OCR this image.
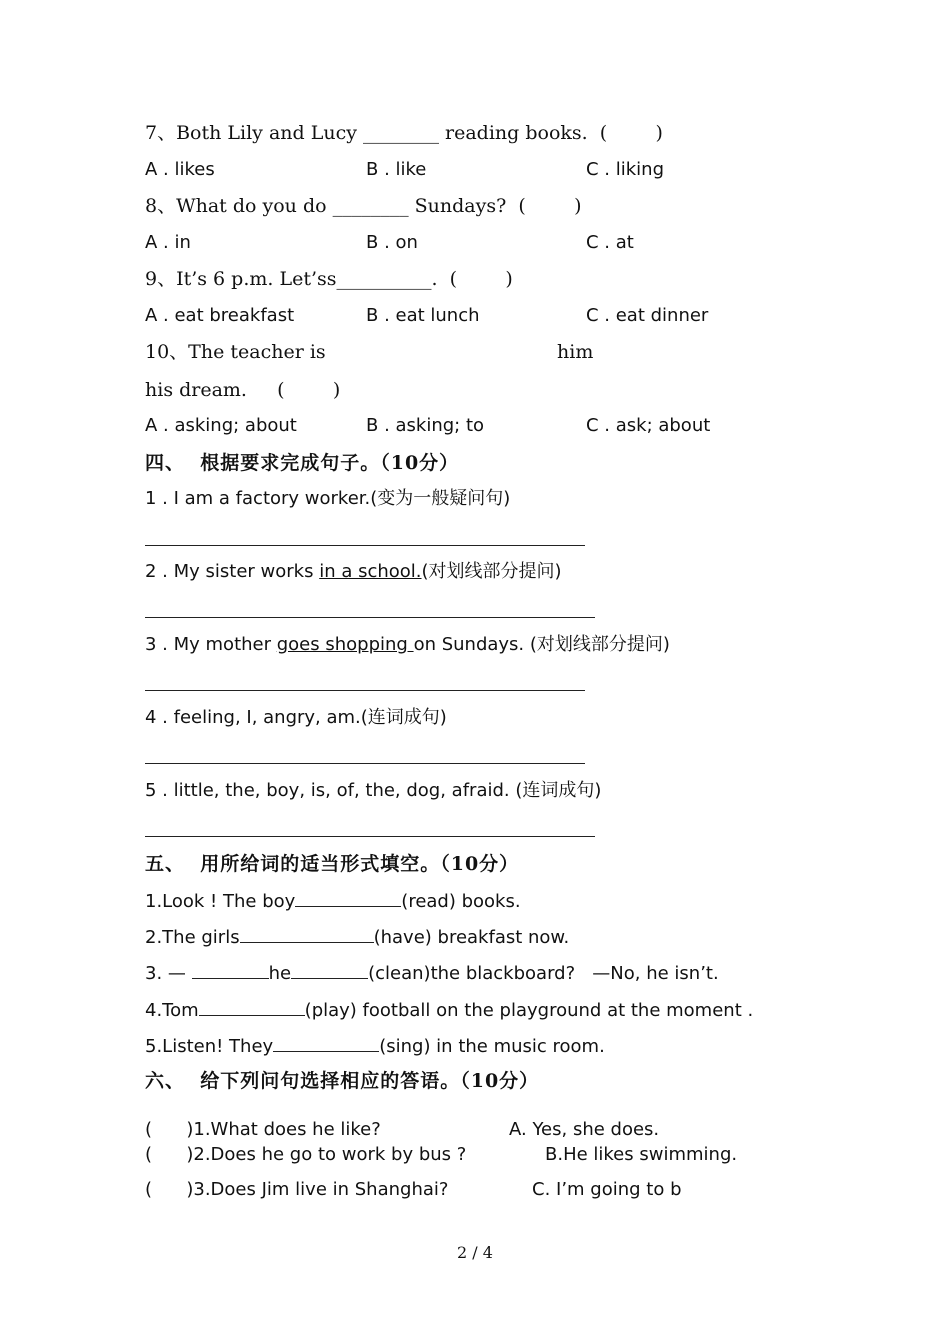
7、Both Lily and Lucy ________ reading books.  (        )
A . likes	B . like	C . liking
8、What do you do ________ Sundays?  (        )
A . in	B . on	C . at
9、It’s 6 p.m. Let’ss__________.  (        )
A . eat breakfast	B . eat lunch	C . eat dinner
10、The teacher is	him
his dream.     (        )
A . asking; about	B . asking; to	C . ask; about
四、  根据要求完成句子。（10分）
1 . I am a factory worker.(变为一般疑问句)
2 . My sister works in a school.(对划线部分提问)
3 . My mother goes shopping on Sundays. (对划线部分提问)
4 . feeling, I, angry, am.(连词成句)
5 . little, the, boy, is, of, the, dog, afraid. (连词成句)
五、  用所给词的适当形式填空。（10分）
1.Look ! The boy	(read) books.
2.The girls	(have) breakfast now.
3. —	he	(clean)the blackboard?   —No, he isn’t.
4.Tom	(play) football on the playground at the moment .
5.Listen! They	(sing) in the music room.
六、  给下列问句选择相应的答语。（10分）
(      )1.What does he like?	A. Yes, she does.
(      )2.Does he go to work by bus ?	B.He likes swimming.
(      )3.Does Jim live in Shanghai?	C. I’m going to b
2 / 4
